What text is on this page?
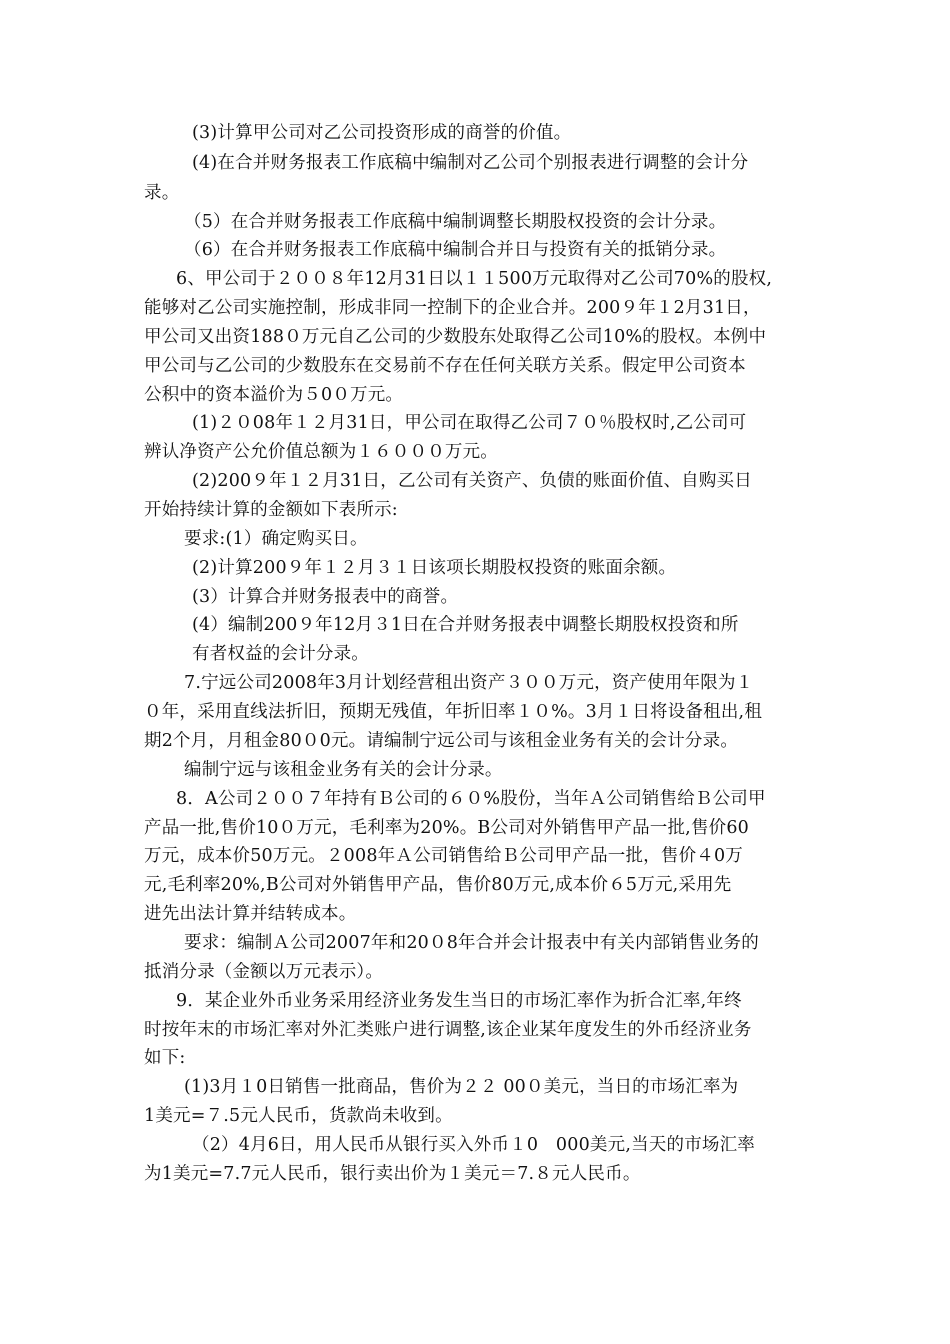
(3)计算甲公司对乙公司投资形成的商誉的价值。
(4)在合并财务报表工作底稿中编制对乙公司个别报表进行调整的会计分
录。
（5）在合并财务报表工作底稿中编制调整长期股权投资的会计分录。
（6）在合并财务报表工作底稿中编制合并日与投资有关的抵销分录。
6、甲公司于２００８年12月31日以１１500万元取得对乙公司70%的股权,
能够对乙公司实施控制，形成非同一控制下的企业合并。200９年１2月31日，
甲公司又出资188０万元自乙公司的少数股东处取得乙公司10%的股权。本例中
甲公司与乙公司的少数股东在交易前不存在任何关联方关系。假定甲公司资本
公积中的资本溢价为５0０万元。
(1)２０08年１２月31日，甲公司在取得乙公司７０％股权时,乙公司可
辨认净资产公允价值总额为１６０００万元。
(2)200９年１２月31日，乙公司有关资产、负债的账面价值、自购买日
开始持续计算的金额如下表所示:
要求:(1）确定购买日。
(2)计算200９年１２月３１日该项长期股权投资的账面余额。
(3）计算合并财务报表中的商誉。
(4）编制200９年12月３1日在合并财务报表中调整长期股权投资和所
有者权益的会计分录。
7.宁远公司2008年3月计划经营租出资产３００万元，资产使用年限为１
０年，采用直线法折旧，预期无残值，年折旧率１０%。3月１日将设备租出,租
期2个月，月租金80０0元。请编制宁远公司与该租金业务有关的会计分录。
编制宁远与该租金业务有关的会计分录。
8．A公司２００７年持有Ｂ公司的６０%股份，当年Ａ公司销售给Ｂ公司甲
产品一批,售价10０万元，毛利率为20%。B公司对外销售甲产品一批,售价60
万元，成本价50万元。２008年Ａ公司销售给Ｂ公司甲产品一批，售价４0万
元,毛利率20%,B公司对外销售甲产品，售价80万元,成本价６5万元,采用先
进先出法计算并结转成本。
要求：编制Ａ公司2007年和20０8年合并会计报表中有关内部销售业务的
抵消分录（金额以万元表示）。
9．某企业外币业务采用经济业务发生当日的市场汇率作为折合汇率,年终
时按年末的市场汇率对外汇类账户进行调整,该企业某年度发生的外币经济业务
如下:
(1)3月１0日销售一批商品，售价为２２ 00０美元，当日的市场汇率为
1美元=７.5元人民币，货款尚未收到。
（2）4月6日，用人民币从银行买入外币１0　000美元,当天的市场汇率
为1美元=7.7元人民币，银行卖出价为１美元＝7.８元人民币。
